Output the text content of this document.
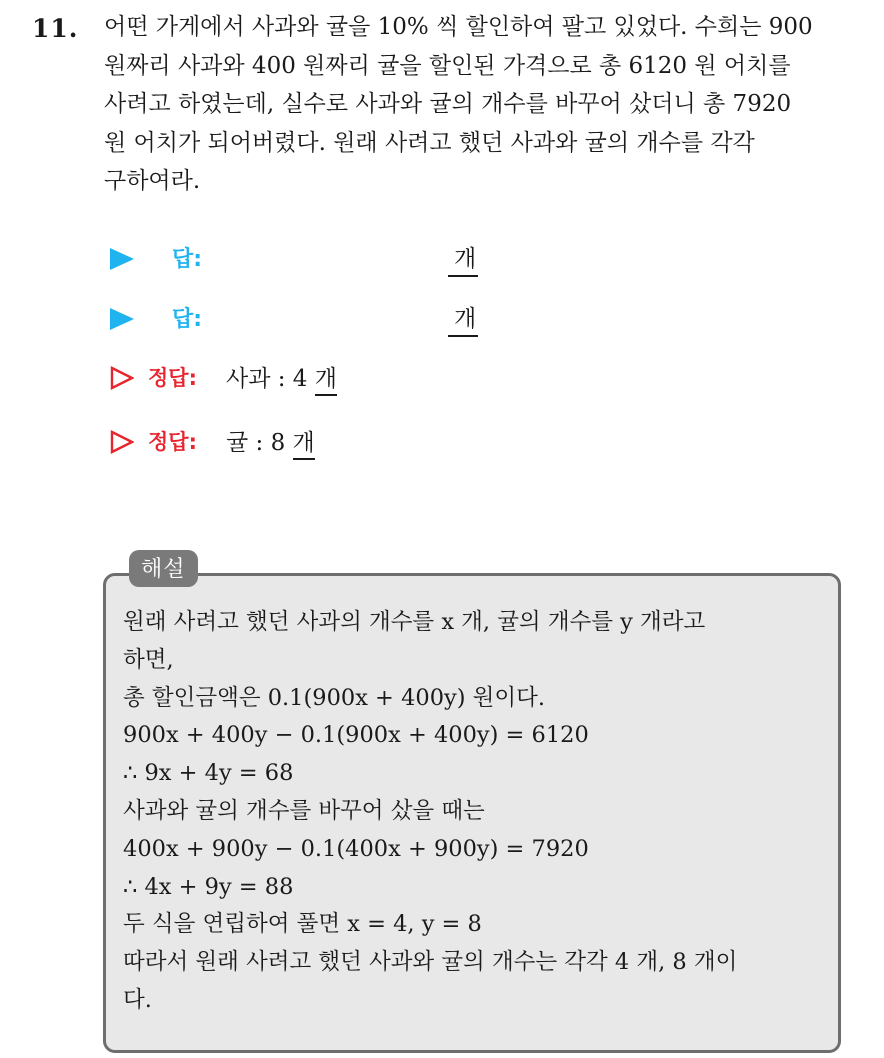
11. 어떤 가게에서 사과와 귤을 10% 씩 할인하여 팔고 있었다. 수희는 900

원짜리 사과와 400 원짜리 귤을 할인된 가격으로 총 6120 원 어치를

사려고 하였는데, 실수로 사과와 귤의 개수를 바꾸어 샀더니 총 7920

원 어치가 되어버렸다. 원래 사려고 했던 사과와 귤의 개수를 각각

구하여라.

답:	개
답:	개
정답: 사과 : 4 개
정답: 귤 : 8 개
해설

원래 사려고 했던 사과의 개수를 x 개, 귤의 개수를 y 개라고

하면,

총 할인금액은 0.1(900x + 400y) 원이다.

900x + 400y − 0.1(900x + 400y) = 6120

∴ 9x + 4y = 68

사과와 귤의 개수를 바꾸어 샀을 때는

400x + 900y − 0.1(400x + 900y) = 7920

∴ 4x + 9y = 88

두 식을 연립하여 풀면 x = 4, y = 8

따라서 원래 사려고 했던 사과와 귤의 개수는 각각 4 개, 8 개이

다.
